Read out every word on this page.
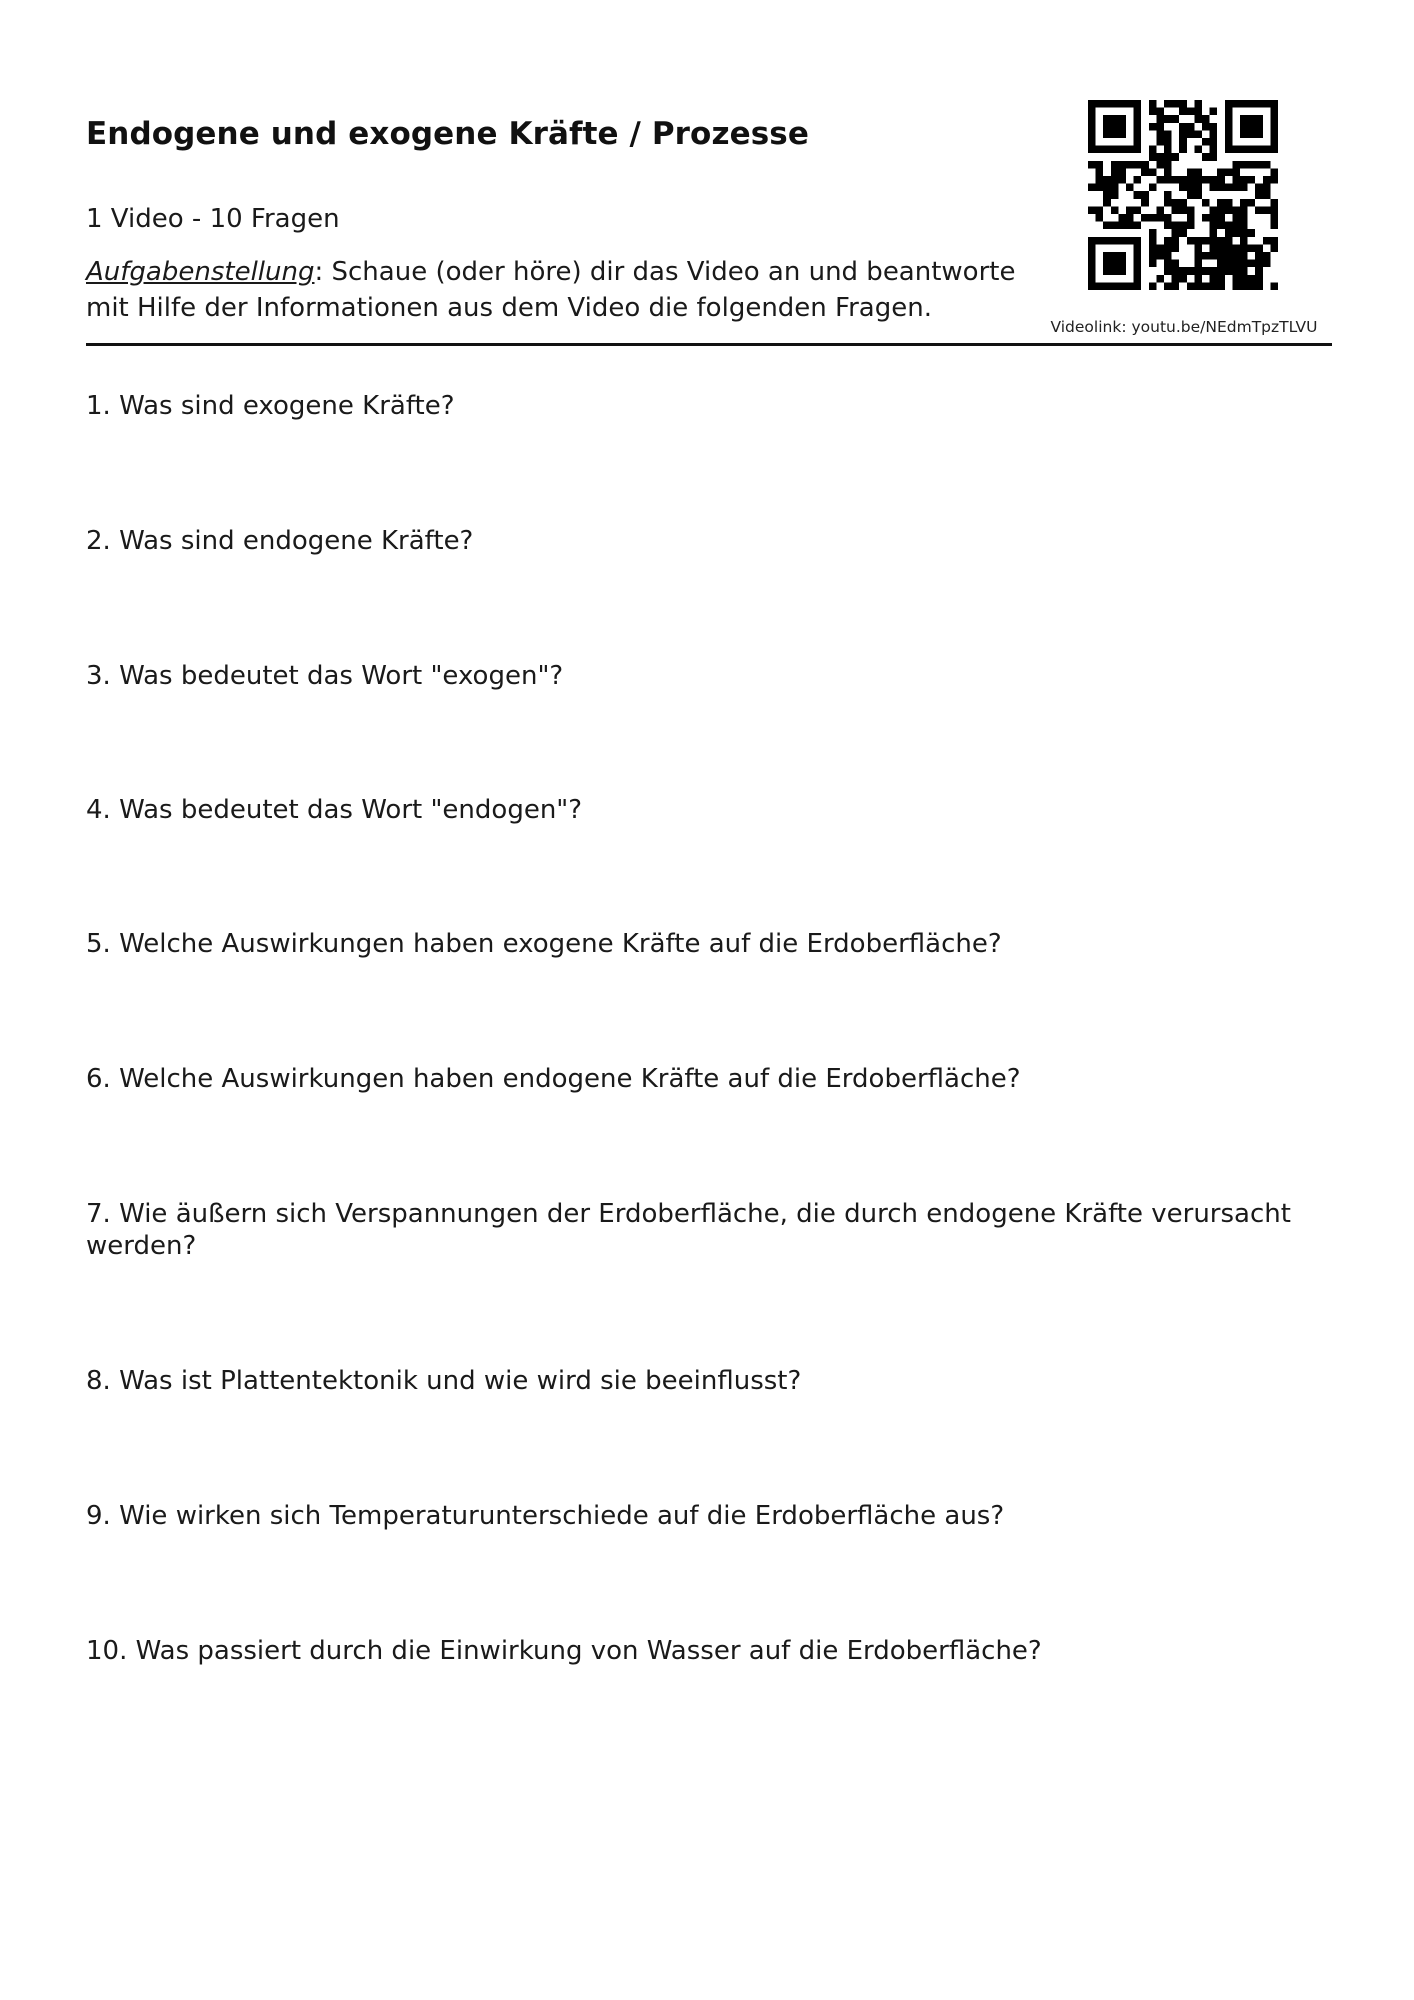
Endogene und exogene Kräfte / Prozesse
1 Video - 10 Fragen
Aufgabenstellung: Schaue (oder höre) dir das Video an und beantworte mit Hilfe der Informationen aus dem Video die folgenden Fragen.
Videolink: youtu.be/NEdmTpzTLVU
1. Was sind exogene Kräfte?
2. Was sind endogene Kräfte?
3. Was bedeutet das Wort "exogen"?
4. Was bedeutet das Wort "endogen"?
5. Welche Auswirkungen haben exogene Kräfte auf die Erdoberfläche?
6. Welche Auswirkungen haben endogene Kräfte auf die Erdoberfläche?
7. Wie äußern sich Verspannungen der Erdoberfläche, die durch endogene Kräfte verursacht werden?
8. Was ist Plattentektonik und wie wird sie beeinflusst?
9. Wie wirken sich Temperaturunterschiede auf die Erdoberfläche aus?
10. Was passiert durch die Einwirkung von Wasser auf die Erdoberfläche?
